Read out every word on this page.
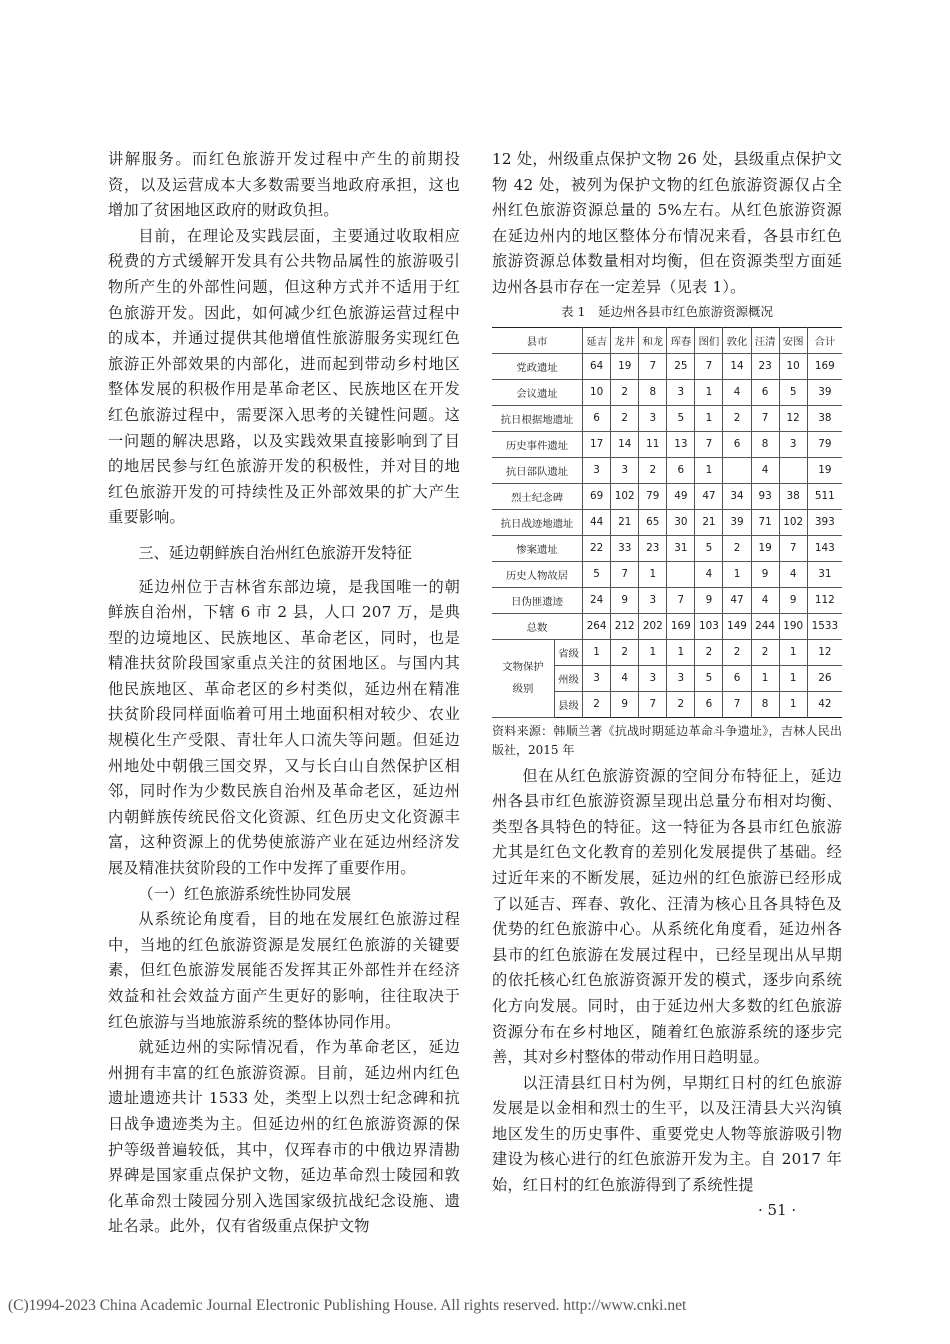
讲解服务。而红色旅游开发过程中产生的前期投资，以及运营成本大多数需要当地政府承担，这也增加了贫困地区政府的财政负担。

目前，在理论及实践层面，主要通过收取相应税费的方式缓解开发具有公共物品属性的旅游吸引物所产生的外部性问题，但这种方式并不适用于红色旅游开发。因此，如何减少红色旅游运营过程中的成本，并通过提供其他增值性旅游服务实现红色旅游正外部效果的内部化，进而起到带动乡村地区整体发展的积极作用是革命老区、民族地区在开发红色旅游过程中，需要深入思考的关键性问题。这一问题的解决思路，以及实践效果直接影响到了目的地居民参与红色旅游开发的积极性，并对目的地红色旅游开发的可持续性及正外部效果的扩大产生重要影响。

三、延边朝鲜族自治州红色旅游开发特征

延边州位于吉林省东部边境，是我国唯一的朝鲜族自治州，下辖 6 市 2 县，人口 207 万，是典型的边境地区、民族地区、革命老区，同时，也是精准扶贫阶段国家重点关注的贫困地区。与国内其他民族地区、革命老区的乡村类似，延边州在精准扶贫阶段同样面临着可用土地面积相对较少、农业规模化生产受限、青壮年人口流失等问题。但延边州地处中朝俄三国交界，又与长白山自然保护区相邻，同时作为少数民族自治州及革命老区，延边州内朝鲜族传统民俗文化资源、红色历史文化资源丰富，这种资源上的优势使旅游产业在延边州经济发展及精准扶贫阶段的工作中发挥了重要作用。

（一）红色旅游系统性协同发展

从系统论角度看，目的地在发展红色旅游过程中，当地的红色旅游资源是发展红色旅游的关键要素，但红色旅游发展能否发挥其正外部性并在经济效益和社会效益方面产生更好的影响，往往取决于红色旅游与当地旅游系统的整体协同作用。

就延边州的实际情况看，作为革命老区，延边州拥有丰富的红色旅游资源。目前，延边州内红色遗址遗迹共计 1533 处，类型上以烈士纪念碑和抗日战争遗迹类为主。但延边州的红色旅游资源的保护等级普遍较低，其中，仅珲春市的中俄边界清勘界碑是国家重点保护文物，延边革命烈士陵园和敦化革命烈士陵园分别入选国家级抗战纪念设施、遗址名录。此外，仅有省级重点保护文物

12 处，州级重点保护文物 26 处，县级重点保护文物 42 处，被列为保护文物的红色旅游资源仅占全州红色旅游资源总量的 5%左右。从红色旅游资源在延边州内的地区整体分布情况来看，各县市红色旅游资源总体数量相对均衡，但在资源类型方面延边州各县市存在一定差异（见表 1）。

表 1　延边州各县市红色旅游资源概况
县市		延吉	龙井	和龙	珲春	图们	敦化	汪清	安图	合计
党政遗址		64	19	7	25	7	14	23	10	169
会议遗址		10	2	8	3	1	4	6	5	39
抗日根据地遗址		6	2	3	5	1	2	7	12	38
历史事件遗址		17	14	11	13	7	6	8	3	79
抗日部队遗址		3	3	2	6	1		4		19
烈士纪念碑		69	102	79	49	47	34	93	38	511
抗日战迹地遗址		44	21	65	30	21	39	71	102	393
惨案遗址		22	33	23	31	5	2	19	7	143
历史人物故居		5	7	1		4	1	9	4	31
日伪匪遗迹		24	9	3	7	9	47	4	9	112
总数		264	212	202	169	103	149	244	190	1533
文物保护级别	省级	1	2	1	1	2	2	2	1	12
	州级	3	4	3	3	5	6	1	1	26
	县级	2	9	7	2	6	7	8	1	42

资料来源：韩顺兰著《抗战时期延边革命斗争遗址》，吉林人民出版社，2015 年

但在从红色旅游资源的空间分布特征上，延边州各县市红色旅游资源呈现出总量分布相对均衡、类型各具特色的特征。这一特征为各县市红色旅游尤其是红色文化教育的差别化发展提供了基础。经过近年来的不断发展，延边州的红色旅游已经形成了以延吉、珲春、敦化、汪清为核心且各具特色及优势的红色旅游中心。从系统化角度看，延边州各县市的红色旅游在发展过程中，已经呈现出从早期的依托核心红色旅游资源开发的模式，逐步向系统化方向发展。同时，由于延边州大多数的红色旅游资源分布在乡村地区，随着红色旅游系统的逐步完善，其对乡村整体的带动作用日趋明显。

以汪清县红日村为例，早期红日村的红色旅游发展是以金相和烈士的生平，以及汪清县大兴沟镇地区发生的历史事件、重要党史人物等旅游吸引物建设为核心进行的红色旅游开发为主。自 2017 年始，红日村的红色旅游得到了系统性提

· 51 ·
(C)1994-2023 China Academic Journal Electronic Publishing House. All rights reserved. http://www.cnki.net
